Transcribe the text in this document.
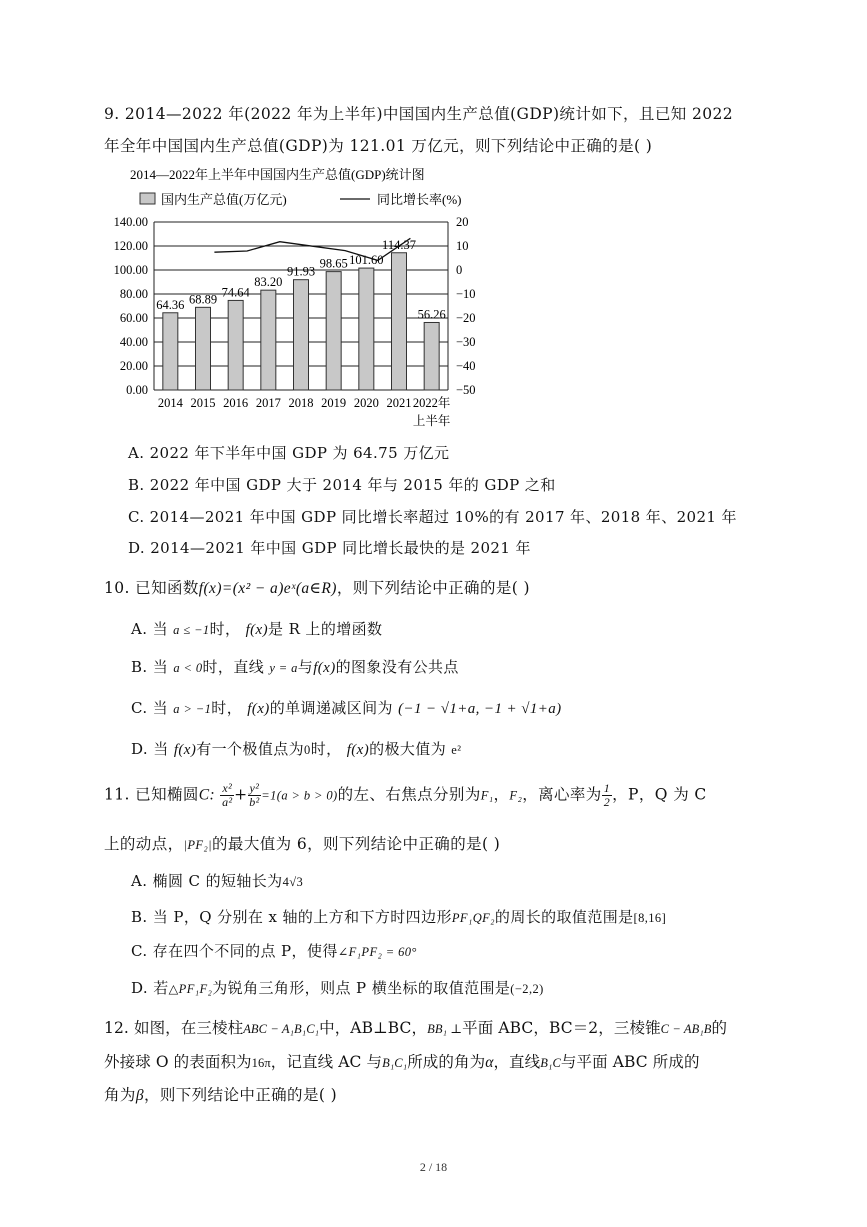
9. 2014—2022 年(2022 年为上半年)中国国内生产总值(GDP)统计如下，且已知 2022
年全年中国国内生产总值(GDP)为 121.01 万亿元，则下列结论中正确的是( )
2014—2022年上半年中国国内生产总值(GDP)统计图
国内生产总值(万亿元)	同比增长率(%)
0.00
20.00
40.00
60.00
80.00
100.00
120.00
140.00
−50
−40
−30
−20
−10
0
10
20
64.36 68.89 74.64
83.20
91.93
98.65 101.60
114.37
56.26
2014 2015 2016 2017 2018 2019 2020 2021 2022年
上半年
A. 2022 年下半年中国 GDP 为 64.75 万亿元
B. 2022 年中国 GDP 大于 2014 年与 2015 年的 GDP 之和
C. 2014—2021 年中国 GDP 同比增长率超过 10%的有 2017 年、2018 年、2021 年
D. 2014—2021 年中国 GDP 同比增长最快的是 2021 年
10. 已知函数f(x)=(x² − a)eˣ(a∈R)，则下列结论中正确的是( )
A. 当 a ≤ −1时， f(x)是 R 上的增函数
B. 当 a < 0时，直线 y = a与f(x)的图象没有公共点
C. 当 a > −1时， f(x)的单调递减区间为 (−1 − √1+a, −1 + √1+a)
D. 当 f(x)有一个极值点为0时， f(x)的极大值为 e²
11. 已知椭圆C: $\frac{\text{x²}}{\text{a²}} + \frac{\text{y²}}{\text{b²}} =1(a > b > 0)$的左、右焦点分别为F₁，F₂，离心率为 $\frac{1}{2}$ ，P，Q 为 C
上的动点，|PF₂|的最大值为 6，则下列结论中正确的是( )
A. 椭圆 C 的短轴长为4√3
B. 当 P，Q 分别在 x 轴的上方和下方时四边形PF₁QF₂的周长的取值范围是[8,16]
C. 存在四个不同的点 P，使得∠F₁PF₂ = 60°
D. 若△PF₁F₂为锐角三角形，则点 P 横坐标的取值范围是(−2,2)
12. 如图，在三棱柱ABC − A₁B₁C₁中，AB⊥BC，BB₁ ⊥平面 ABC，BC＝2，三棱锥C − AB₁B的
外接球 O 的表面积为16π，记直线 AC 与B₁C₁所成的角为α，直线B₁C与平面 ABC 所成的
角为β，则下列结论中正确的是( )
2 / 18
